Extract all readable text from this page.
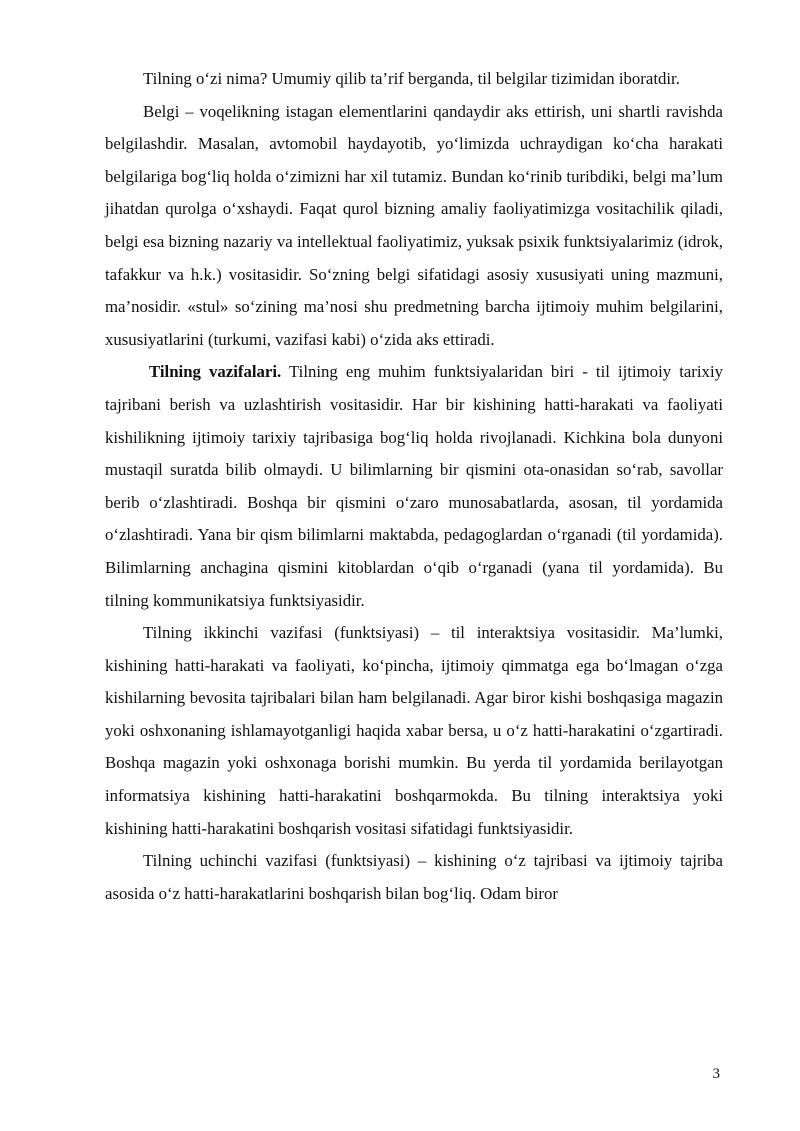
Tilning o‘zi nima? Umumiy qilib ta’rif berganda, til belgilar tizimidan iboratdir.

Belgi – voqelikning istagan elementlarini qandaydir aks ettirish, uni shartli ravishda belgilashdir. Masalan, avtomobil haydayotib, yo‘limizda uchraydigan ko‘cha harakati belgilariga bog‘liq holda o‘zimizni har xil tutamiz. Bundan ko‘rinib turibdiki, belgi ma’lum jihatdan qurolga o‘xshaydi. Faqat qurol bizning amaliy faoliyatimizga vositachilik qiladi, belgi esa bizning nazariy va intellektual faoliyatimiz, yuksak psixik funktsiyalarimiz (idrok, tafakkur va h.k.) vositasidir. So‘zning belgi sifatidagi asosiy xususiyati uning mazmuni, ma’nosidir. «stul» so‘zining ma’nosi shu predmetning barcha ijtimoiy muhim belgilarini, xususiyatlarini (turkumi, vazifasi kabi) o‘zida aks ettiradi.

Tilning vazifalari. Tilning eng muhim funktsiyalaridan biri - til ijtimoiy tarixiy tajribani berish va uzlashtirish vositasidir. Har bir kishining hatti-harakati va faoliyati kishilikning ijtimoiy tarixiy tajribasiga bog‘liq holda rivojlanadi. Kichkina bola dunyoni mustaqil suratda bilib olmaydi. U bilimlarning bir qismini ota-onasidan so‘rab, savollar berib o‘zlashtiradi. Boshqa bir qismini o‘zaro munosabatlarda, asosan, til yordamida o‘zlashtiradi. Yana bir qism bilimlarni maktabda, pedagoglardan o‘rganadi (til yordamida). Bilimlarning anchagina qismini kitoblardan o‘qib o‘rganadi (yana til yordamida). Bu tilning kommunikatsiya funktsiyasidir.

Tilning ikkinchi vazifasi (funktsiyasi) – til interaktsiya vositasidir. Ma’lumki, kishining hatti-harakati va faoliyati, ko‘pincha, ijtimoiy qimmatga ega bo‘lmagan o‘zga kishilarning bevosita tajribalari bilan ham belgilanadi. Agar biror kishi boshqasiga magazin yoki oshxonaning ishlamayotganligi haqida xabar bersa, u o‘z hatti-harakatini o‘zgartiradi. Boshqa magazin yoki oshxonaga borishi mumkin. Bu yerda til yordamida berilayotgan informatsiya kishining hatti-harakatini boshqarmokda. Bu tilning interaktsiya yoki kishining hatti-harakatini boshqarish vositasi sifatidagi funktsiyasidir.

Tilning uchinchi vazifasi (funktsiyasi) – kishining o‘z tajribasi va ijtimoiy tajriba asosida o‘z hatti-harakatlarini boshqarish bilan bog‘liq. Odam biror

3
